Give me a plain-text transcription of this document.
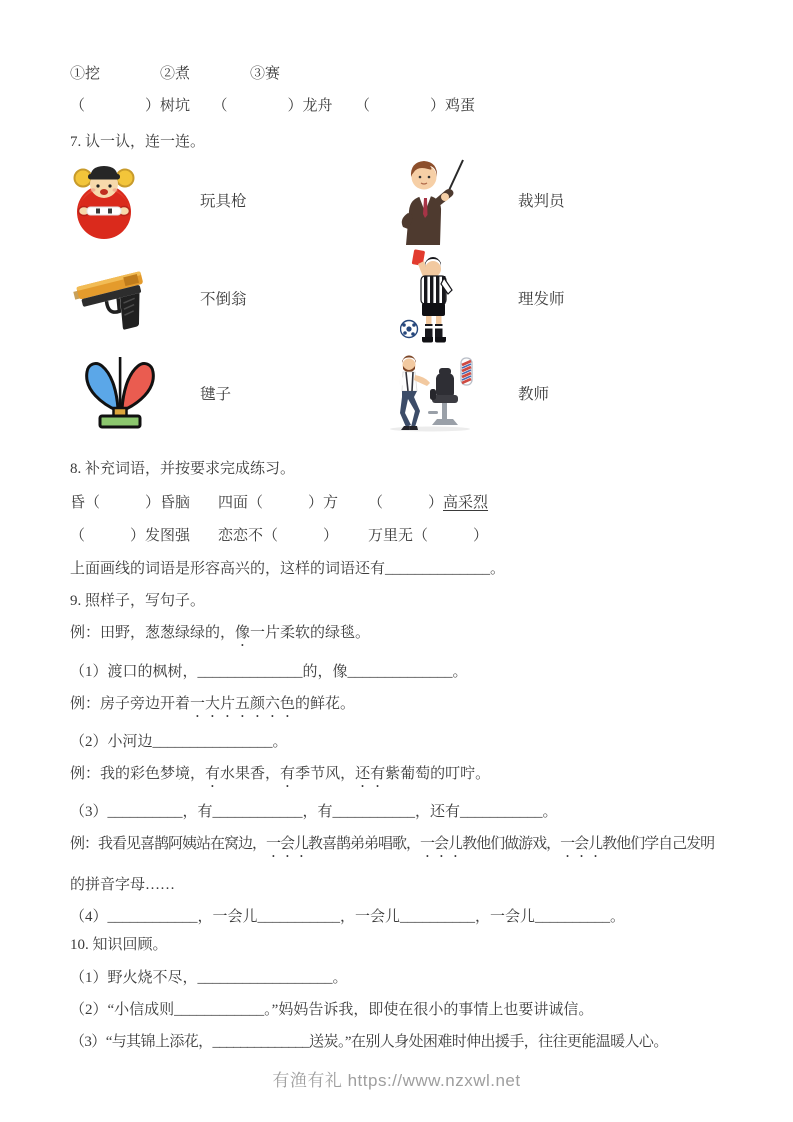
①挖　　　　②煮　　　　③赛

（　　　　）树坑　　（　　　　）龙舟　　（　　　　）鸡蛋

7. 认一认，连一连。

玩具枪	裁判员
不倒翁	理发师
毽子	教师

8. 补充词语，并按要求完成练习。

昏（　　　）昏脑	四面（　　　）方	（　　　）高采烈
（　　　）发图强	恋恋不（　　　）	万里无（　　　）

上面画线的词语是形容高兴的，这样的词语还有______________。

9. 照样子，写句子。

例：田野，葱葱绿绿的，像一片柔软的绿毯。

（1）渡口的枫树，______________的，像______________。

例：房子旁边开着一大片五颜六色的鲜花。

（2）小河边________________。

例：我的彩色梦境，有水果香，有季节风，还有紫葡萄的叮咛。

（3）__________，有____________，有___________，还有___________。

例：我看见喜鹊阿姨站在窝边，一会儿教喜鹊弟弟唱歌，一会儿教他们做游戏，一会儿教他们学自己发明

的拼音字母……

（4）____________，一会儿___________，一会儿__________，一会儿__________。

10. 知识回顾。

（1）野火烧不尽，__________________。

（2）“小信成则____________。”妈妈告诉我，即使在很小的事情上也要讲诚信。

（3）“与其锦上添花，______________送炭。”在别人身处困难时伸出援手，往往更能温暖人心。

有渔有礼 https://www.nzxwl.net
